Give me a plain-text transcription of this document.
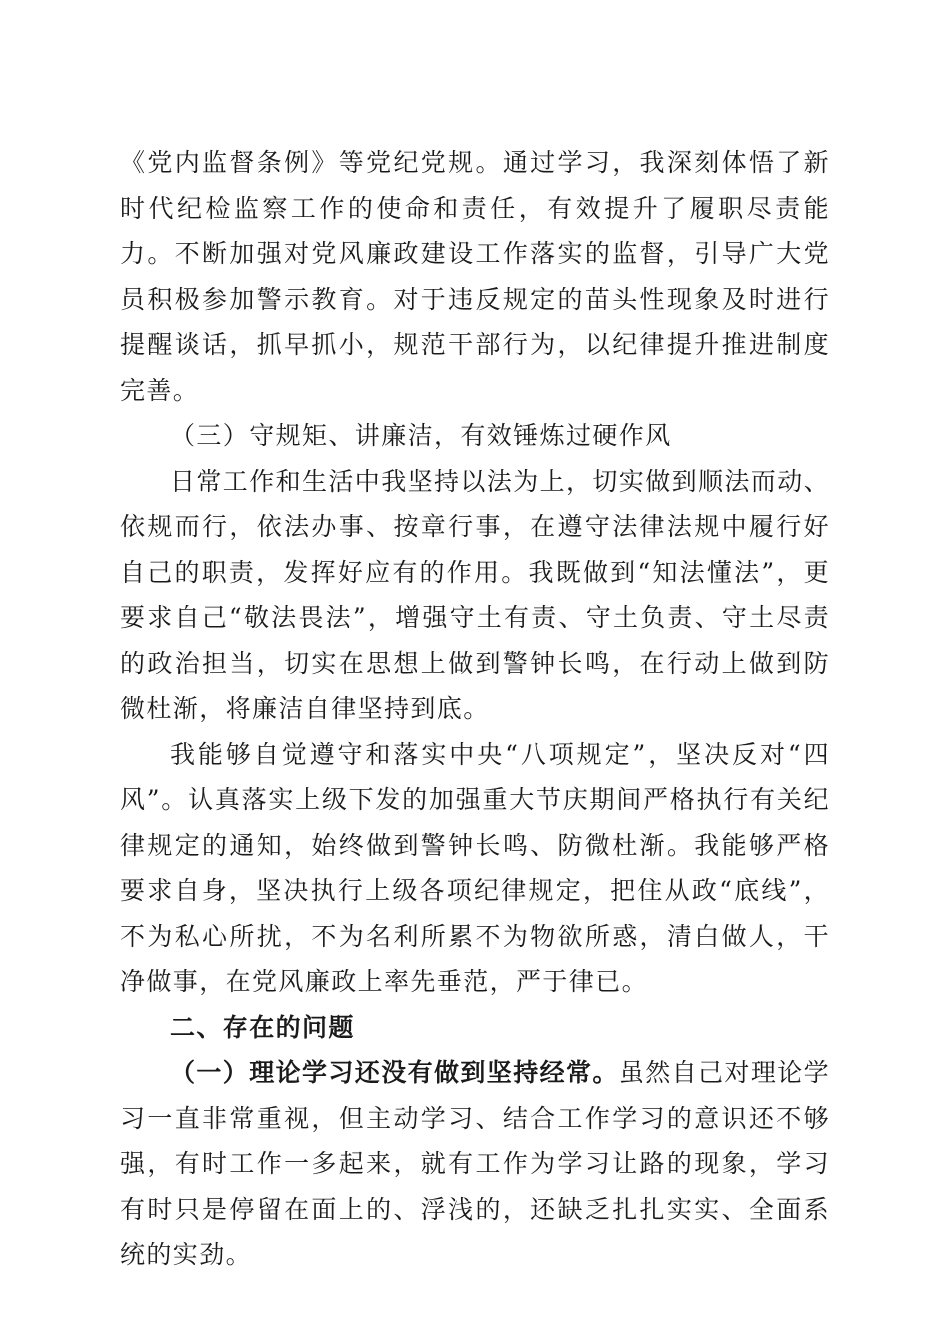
《党内监督条例》等党纪党规。通过学习，我深刻体悟了新时代纪检监察工作的使命和责任，有效提升了履职尽责能力。不断加强对党风廉政建设工作落实的监督，引导广大党员积极参加警示教育。对于违反规定的苗头性现象及时进行提醒谈话，抓早抓小，规范干部行为，以纪律提升推进制度完善。

（三）守规矩、讲廉洁，有效锤炼过硬作风

日常工作和生活中我坚持以法为上，切实做到顺法而动、依规而行，依法办事、按章行事，在遵守法律法规中履行好自己的职责，发挥好应有的作用。我既做到“知法懂法”，更要求自己“敬法畏法”，增强守土有责、守土负责、守土尽责的政治担当，切实在思想上做到警钟长鸣，在行动上做到防微杜渐，将廉洁自律坚持到底。

我能够自觉遵守和落实中央“八项规定”，坚决反对“四风”。认真落实上级下发的加强重大节庆期间严格执行有关纪律规定的通知，始终做到警钟长鸣、防微杜渐。我能够严格要求自身，坚决执行上级各项纪律规定，把住从政“底线”，不为私心所扰，不为名利所累不为物欲所惑，清白做人，干净做事，在党风廉政上率先垂范，严于律已。

二、存在的问题

（一）理论学习还没有做到坚持经常。虽然自己对理论学习一直非常重视，但主动学习、结合工作学习的意识还不够强，有时工作一多起来，就有工作为学习让路的现象，学习有时只是停留在面上的、浮浅的，还缺乏扎扎实实、全面系统的实劲。
